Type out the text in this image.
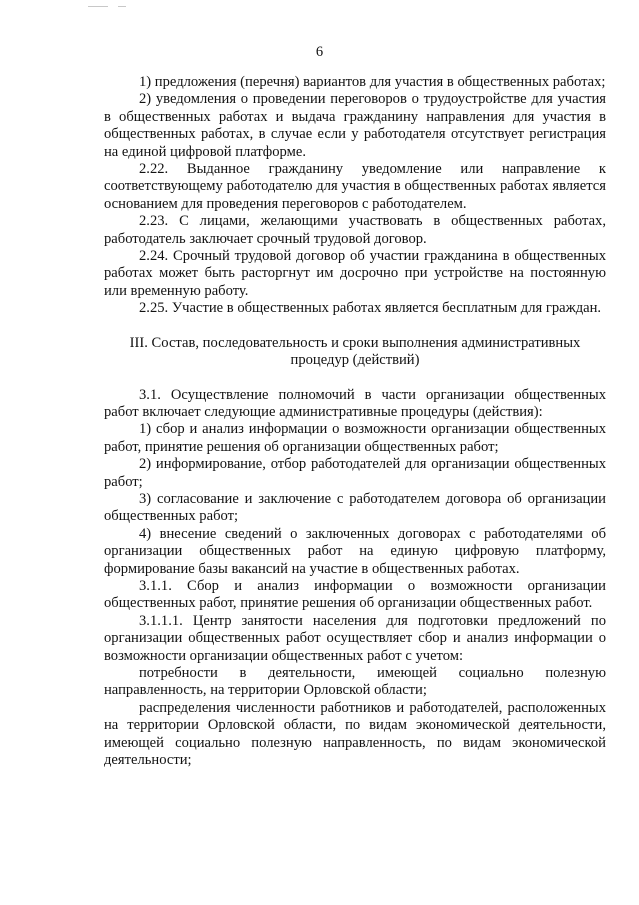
6

1) предложения (перечня) вариантов для участия в общественных работах;

2) уведомления о проведении переговоров о трудоустройстве для участия в общественных работах и выдача гражданину направления для участия в общественных работах, в случае если у работодателя отсутствует регистрация на единой цифровой платформе.

2.22. Выданное гражданину уведомление или направление к соответствующему работодателю для участия в общественных работах является основанием для проведения переговоров с работодателем.

2.23. С лицами, желающими участвовать в общественных работах, работодатель заключает срочный трудовой договор.

2.24. Срочный трудовой договор об участии гражданина в общественных работах может быть расторгнут им досрочно при устройстве на постоянную или временную работу.

2.25. Участие в общественных работах является бесплатным для граждан.

III. Состав, последовательность и сроки выполнения административных процедур (действий)

3.1. Осуществление полномочий в части организации общественных работ включает следующие административные процедуры (действия):

1) сбор и анализ информации о возможности организации общественных работ, принятие решения об организации общественных работ;

2) информирование, отбор работодателей для организации общественных работ;

3) согласование и заключение с работодателем договора об организации общественных работ;

4) внесение сведений о заключенных договорах с работодателями об организации общественных работ на единую цифровую платформу, формирование базы вакансий на участие в общественных работах.

3.1.1. Сбор и анализ информации о возможности организации общественных работ, принятие решения об организации общественных работ.

3.1.1.1. Центр занятости населения для подготовки предложений по организации общественных работ осуществляет сбор и анализ информации о возможности организации общественных работ с учетом:

потребности в деятельности, имеющей социально полезную направленность, на территории Орловской области;

распределения численности работников и работодателей, расположенных на территории Орловской области, по видам экономической деятельности, имеющей социально полезную направленность, по видам экономической деятельности;
